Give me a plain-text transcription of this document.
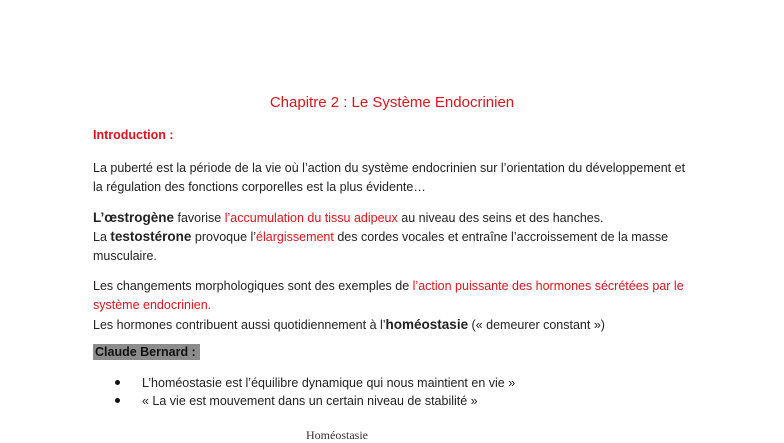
Chapitre 2 : Le Système Endocrinien
Introduction :
La puberté est la période de la vie où l’action du système endocrinien sur l’orientation du développement et la régulation des fonctions corporelles est la plus évidente…
L’œstrogène favorise l’accumulation du tissu adipeux au niveau des seins et des hanches.
La testostérone provoque l’élargissement des cordes vocales et entraîne l’accroissement de la masse musculaire.
Les changements morphologiques sont des exemples de l’action puissante des hormones sécrétées par le système endocrinien.
Les hormones contribuent aussi quotidiennement à l’homéostasie (« demeurer constant »)
Claude Bernard :
L’homéostasie est l’équilibre dynamique qui nous maintient en vie »
« La vie est mouvement dans un certain niveau de stabilité »
Homéostasie
